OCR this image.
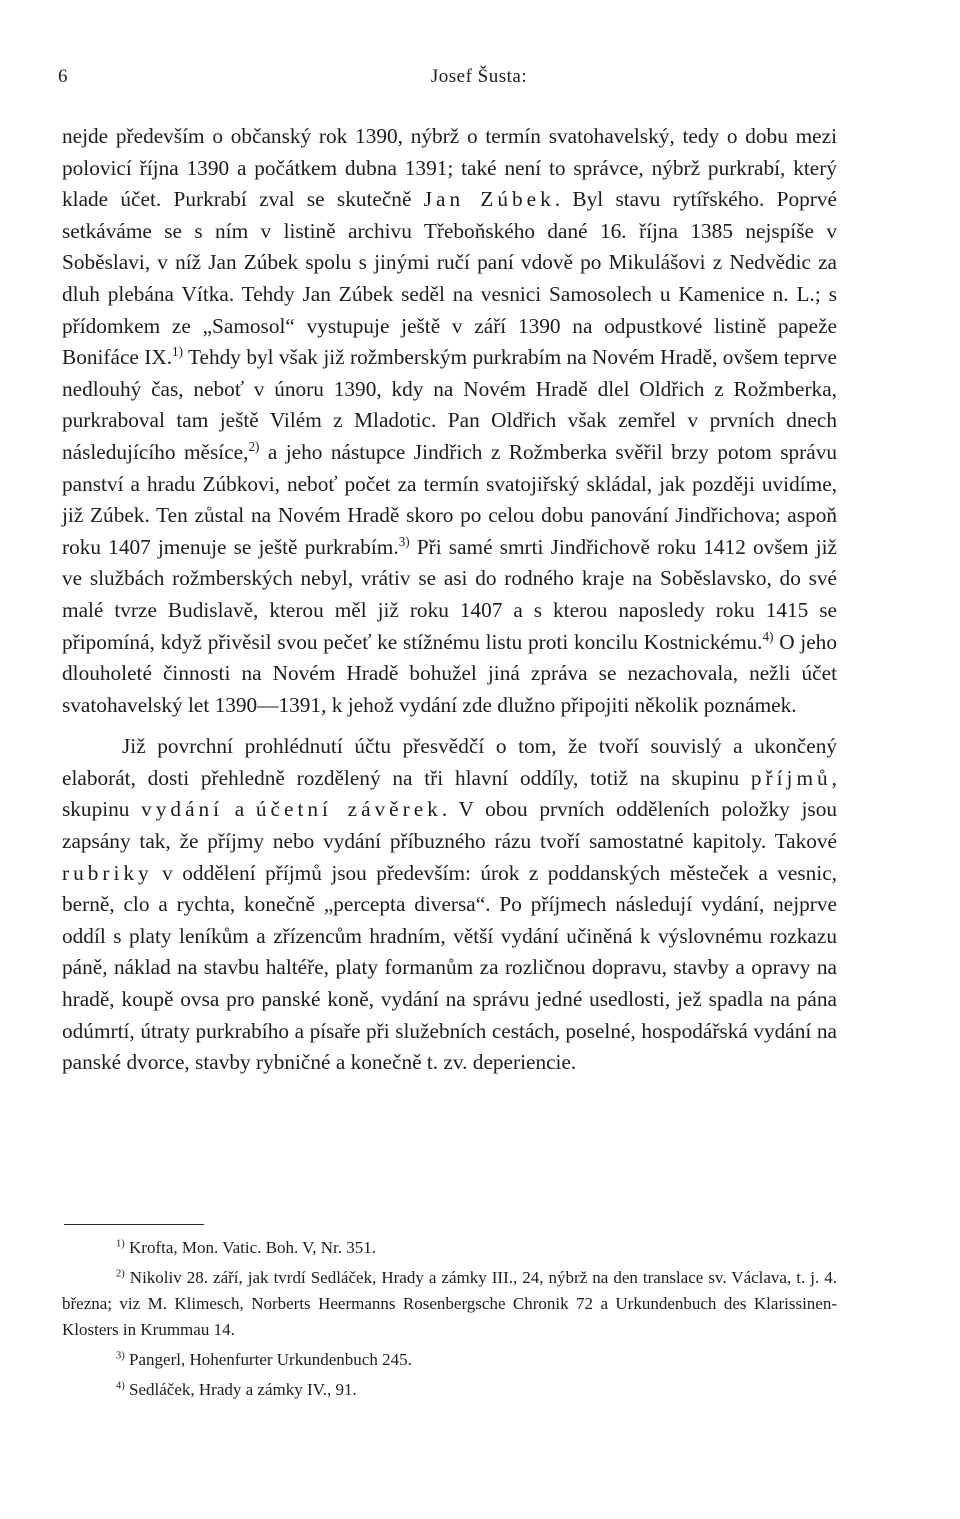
6	Josef Šusta:

nejde především o občanský rok 1390, nýbrž o termín svatohavelský, tedy o dobu mezi polovicí října 1390 a počátkem dubna 1391; také není to správce, nýbrž purkrabí, který klade účet. Purkrabí zval se skutečně Jan Zúbek. Byl stavu rytířského. Poprvé setkáváme se s ním v listině archivu Třeboňského dané 16. října 1385 nejspíše v Soběslavi, v níž Jan Zúbek spolu s jinými ručí paní vdově po Mikulášovi z Nedvědic za dluh plebána Vítka. Tehdy Jan Zúbek seděl na vesnici Samosolech u Kamenice n. L.; s přídomkem ze „Samosol“ vystupuje ještě v září 1390 na odpustkové listině papeže Bonifáce IX.$^{1)}$ Tehdy byl však již rožmberským purkrabím na Novém Hradě, ovšem teprve nedlouhý čas, neboť v únoru 1390, kdy na Novém Hradě dlel Oldřich z Rožmberka, purkraboval tam ještě Vilém z Mladotic. Pan Oldřich však zemřel v prvních dnech následujícího měsíce,$^{2)}$ a jeho nástupce Jindřich z Rožmberka svěřil brzy potom správu panství a hradu Zúbkovi, neboť počet za termín svatojiřský skládal, jak později uvidíme, již Zúbek. Ten zůstal na Novém Hradě skoro po celou dobu panování Jindřichova; aspoň roku 1407 jmenuje se ještě purkrabím.$^{3)}$ Při samé smrti Jindřichově roku 1412 ovšem již ve službách rožmberských nebyl, vrátiv se asi do rodného kraje na Soběslavsko, do své malé tvrze Budislavě, kterou měl již roku 1407 a s kterou naposledy roku 1415 se připomíná, když přivěsil svou pečeť ke stížnému listu proti koncilu Kostnickému.$^{4)}$ O jeho dlouholeté činnosti na Novém Hradě bohužel jiná zpráva se nezachovala, nežli účet svatohavelský let 1390—1391, k jehož vydání zde dlužno připojiti několik poznámek.

Již povrchní prohlédnutí účtu přesvědčí o tom, že tvoří souvislý a ukončený elaborát, dosti přehledně rozdělený na tři hlavní oddíly, totiž na skupinu příjmů, skupinu vydání a účetní závěrek. V obou prvních odděleních položky jsou zapsány tak, že příjmy nebo vydání příbuzného rázu tvoří samostatné kapitoly. Takové rubriky v oddělení příjmů jsou především: úrok z poddanských městeček a vesnic, berně, clo a rychta, konečně „percepta diversa“. Po příjmech následují vydání, nejprve oddíl s platy leníkům a zřízencům hradním, větší vydání učiněná k výslovnému rozkazu páně, náklad na stavbu haltéře, platy formanům za rozličnou dopravu, stavby a opravy na hradě, koupě ovsa pro panské koně, vydání na správu jedné usedlosti, jež spadla na pána odúmrtí, útraty purkrabího a písaře při služebních cestách, poselné, hospodářská vydání na panské dvorce, stavby rybničné a konečně t. zv. deperiencie.

$^{1)}$ Krofta, Mon. Vatic. Boh. V, Nr. 351.

$^{2)}$ Nikoliv 28. září, jak tvrdí Sedláček, Hrady a zámky III., 24, nýbrž na den translace sv. Václava, t. j. 4. března; viz M. Klimesch, Norberts Heermanns Rosenbergsche Chronik 72 a Urkundenbuch des Klarissinen-Klosters in Krummau 14.

$^{3)}$ Pangerl, Hohenfurter Urkundenbuch 245.

$^{4)}$ Sedláček, Hrady a zámky IV., 91.
